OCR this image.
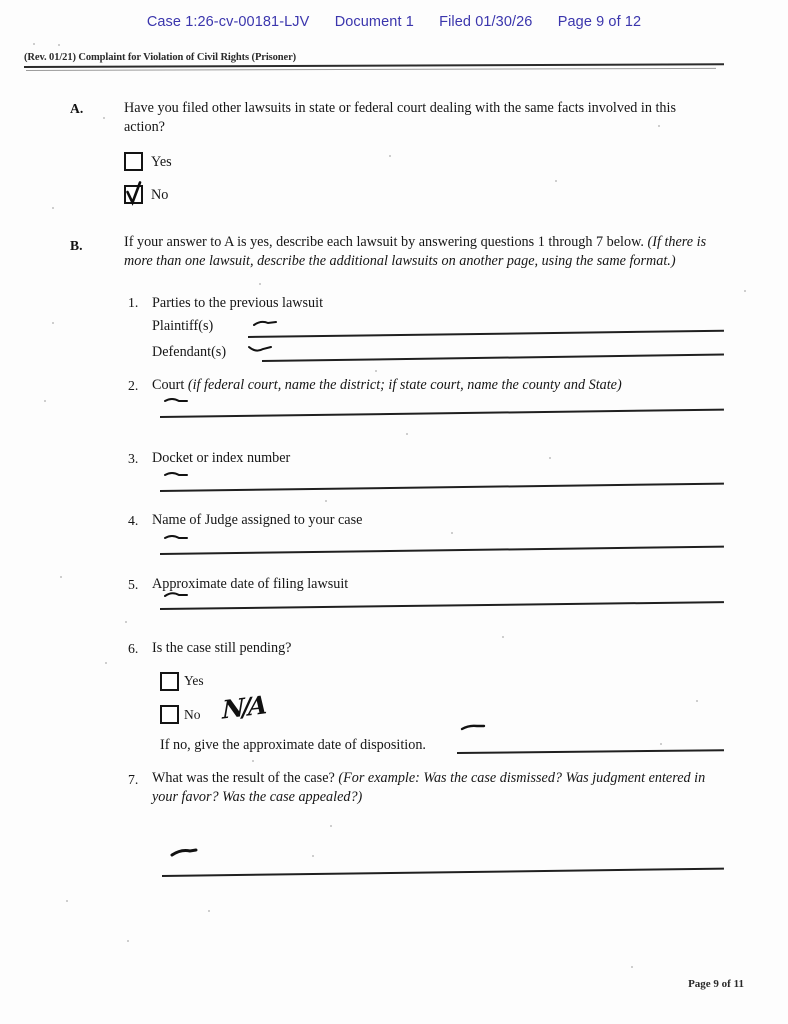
Case 1:26-cv-00181-LJV Document 1 Filed 01/30/26 Page 9 of 12
(Rev. 01/21) Complaint for Violation of Civil Rights (Prisoner)
A.	Have you filed other lawsuits in state or federal court dealing with the same facts involved in this action?
Yes
No
B.	If your answer to A is yes, describe each lawsuit by answering questions 1 through 7 below. (If there is more than one lawsuit, describe the additional lawsuits on another page, using the same format.)
1. Parties to the previous lawsuit
Plaintiff(s)
Defendant(s)
2. Court (if federal court, name the district; if state court, name the county and State)
3. Docket or index number
4. Name of Judge assigned to your case
5. Approximate date of filing lawsuit
6. Is the case still pending?
Yes
No N/A
If no, give the approximate date of disposition.
7. What was the result of the case? (For example: Was the case dismissed? Was judgment entered in your favor? Was the case appealed?)
Page 9 of 11
